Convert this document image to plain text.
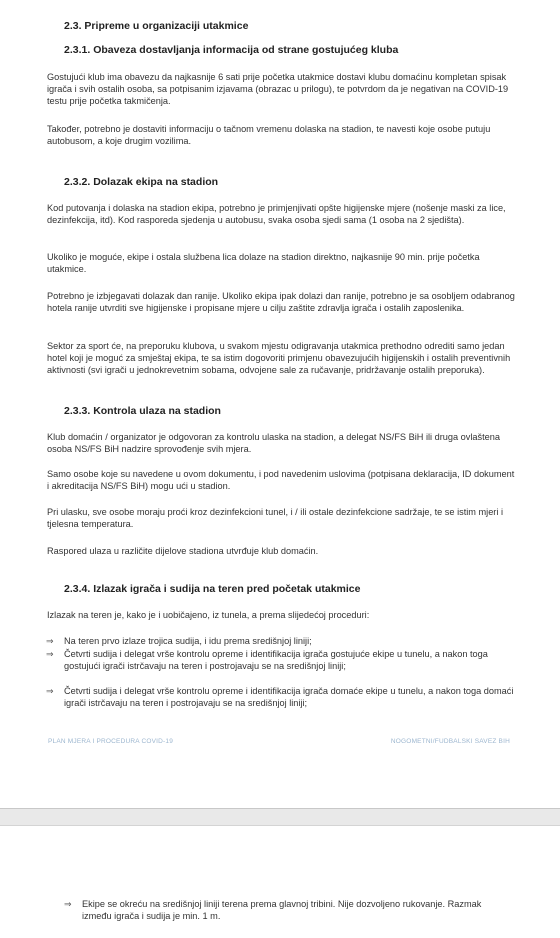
2.3. Pripreme u organizaciji utakmice
2.3.1. Obaveza dostavljanja informacija od strane gostujućeg kluba
Gostujući klub ima obavezu da najkasnije 6 sati prije početka utakmice dostavi klubu domaćinu kompletan spisak igrača i svih ostalih osoba, sa potpisanim izjavama (obrazac u prilogu), te potvrdom da je negativan na COVID-19 testu prije početka takmičenja.
Također, potrebno je dostaviti informaciju o tačnom vremenu dolaska na stadion, te navesti koje osobe putuju autobusom, a koje drugim vozilima.
2.3.2. Dolazak ekipa na stadion
Kod putovanja i dolaska na stadion ekipa, potrebno je primjenjivati opšte higijenske mjere (nošenje maski za lice, dezinfekcija, itd). Kod rasporeda sjedenja u autobusu, svaka osoba sjedi sama (1 osoba na 2 sjedišta).
Ukoliko je moguće, ekipe i ostala službena lica dolaze na stadion direktno, najkasnije 90 min. prije početka utakmice.
Potrebno je izbjegavati dolazak dan ranije. Ukoliko ekipa ipak dolazi dan ranije, potrebno je sa osobljem odabranog hotela ranije utvrditi sve higijenske i propisane mjere u cilju zaštite zdravlja igrača i ostalih zaposlenika.
Sektor za sport će, na preporuku klubova, u svakom mjestu odigravanja utakmica prethodno odrediti samo jedan hotel koji je moguć za smještaj ekipa, te sa istim dogovoriti primjenu obavezujućih higijenskih i ostalih preventivnih aktivnosti (svi igrači u jednokrevetnim sobama, odvojene sale za ručavanje, pridržavanje ostalih preporuka).
2.3.3. Kontrola ulaza na stadion
Klub domaćin / organizator je odgovoran za kontrolu ulaska na stadion, a delegat NS/FS BiH ili druga ovlaštena osoba NS/FS BiH nadzire sprovođenje svih mjera.
Samo osobe koje su navedene u ovom dokumentu, i pod navedenim uslovima (potpisana deklaracija, ID dokument i akreditacija NS/FS BiH) mogu ući u stadion.
Pri ulasku, sve osobe moraju proći kroz dezinfekcioni tunel, i / ili ostale dezinfekcione sadržaje, te se istim mjeri i tjelesna temperatura.
Raspored ulaza u različite dijelove stadiona utvrđuje klub domaćin.
2.3.4. Izlazak igrača i sudija na teren pred početak utakmice
Izlazak na teren je, kako je i uobičajeno, iz tunela, a prema slijedećoj proceduri:
⇒ Na teren prvo izlaze trojica sudija, i idu prema središnjoj liniji;
⇒ Četvrti sudija i delegat vrše kontrolu opreme i identifikacija igrača gostujuće ekipe u tunelu, a nakon toga gostujući igrači istrčavaju na teren i postrojavaju se na središnjoj liniji;
⇒ Četvrti sudija i delegat vrše kontrolu opreme i identifikacija igrača domaće ekipe u tunelu, a nakon toga domaći igrači istrčavaju na teren i postrojavaju se na središnjoj liniji;
PLAN MJERA I PROCEDURA COVID-19	NOGOMETNI/FUDBALSKI SAVEZ BIH
⇒ Ekipe se okreću na središnjoj liniji terena prema glavnoj tribini. Nije dozvoljeno rukovanje. Razmak između igrača i sudija je min. 1 m.
